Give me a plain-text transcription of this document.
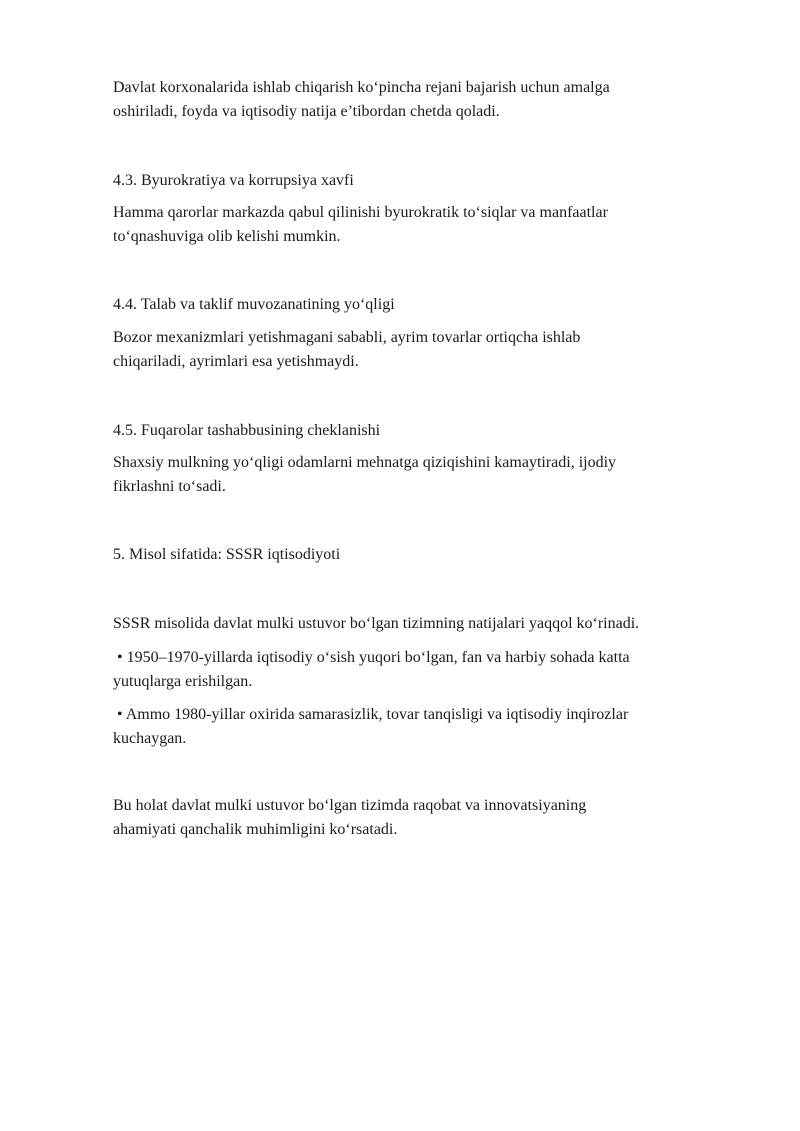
Davlat korxonalarida ishlab chiqarish ko‘pincha rejani bajarish uchun amalga
oshiriladi, foyda va iqtisodiy natija e’tibordan chetda qoladi.

4.3. Byurokratiya va korrupsiya xavfi

Hamma qarorlar markazda qabul qilinishi byurokratik to‘siqlar va manfaatlar
to‘qnashuviga olib kelishi mumkin.

4.4. Talab va taklif muvozanatining yo‘qligi

Bozor mexanizmlari yetishmagani sababli, ayrim tovarlar ortiqcha ishlab
chiqariladi, ayrimlari esa yetishmaydi.

4.5. Fuqarolar tashabbusining cheklanishi

Shaxsiy mulkning yo‘qligi odamlarni mehnatga qiziqishini kamaytiradi, ijodiy
fikrlashni to‘sadi.

5. Misol sifatida: SSSR iqtisodiyoti

SSSR misolida davlat mulki ustuvor bo‘lgan tizimning natijalari yaqqol ko‘rinadi.

• 1950–1970-yillarda iqtisodiy o‘sish yuqori bo‘lgan, fan va harbiy sohada katta
yutuqlarga erishilgan.

• Ammo 1980-yillar oxirida samarasizlik, tovar tanqisligi va iqtisodiy inqirozlar
kuchaygan.

Bu holat davlat mulki ustuvor bo‘lgan tizimda raqobat va innovatsiyaning
ahamiyati qanchalik muhimligini ko‘rsatadi.
